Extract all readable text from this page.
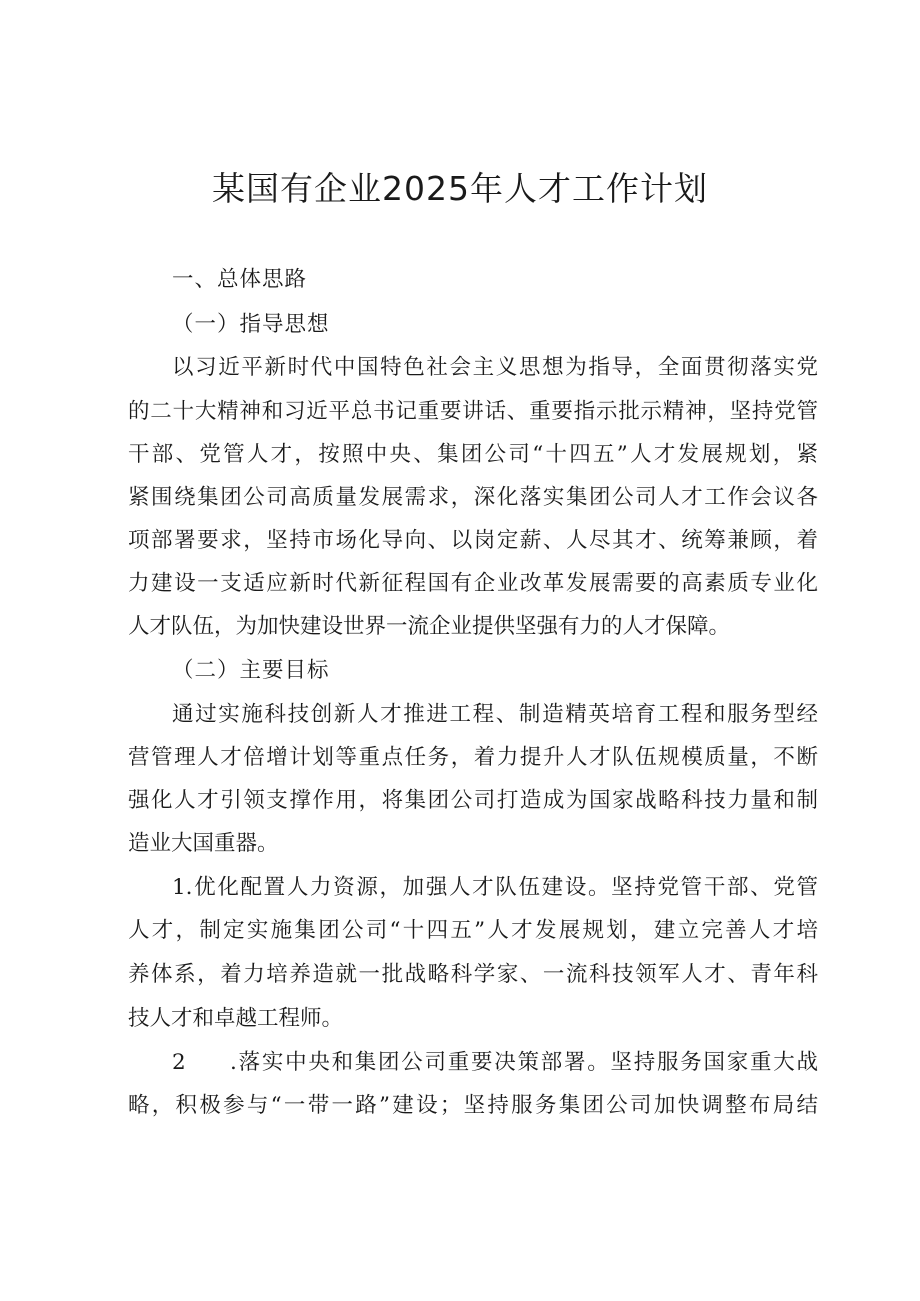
某国有企业2025年人才工作计划

一、总体思路

（一）指导思想

以习近平新时代中国特色社会主义思想为指导，全面贯彻落实党

的二十大精神和习近平总书记重要讲话、重要指示批示精神，坚持党管

干部、党管人才，按照中央、集团公司“十四五”人才发展规划，紧

紧围绕集团公司高质量发展需求，深化落实集团公司人才工作会议各

项部署要求，坚持市场化导向、以岗定薪、人尽其才、统筹兼顾，着

力建设一支适应新时代新征程国有企业改革发展需要的高素质专业化

人才队伍，为加快建设世界一流企业提供坚强有力的人才保障。

（二）主要目标

通过实施科技创新人才推进工程、制造精英培育工程和服务型经

营管理人才倍增计划等重点任务，着力提升人才队伍规模质量，不断

强化人才引领支撑作用，将集团公司打造成为国家战略科技力量和制

造业大国重器。

1.优化配置人力资源，加强人才队伍建设。坚持党管干部、党管

人才，制定实施集团公司“十四五”人才发展规划，建立完善人才培

养体系，着力培养造就一批战略科学家、一流科技领军人才、青年科

技人才和卓越工程师。

2 .落实中央和集团公司重要决策部署。坚持服务国家重大战

略，积极参与“一带一路”建设；坚持服务集团公司加快调整布局结
